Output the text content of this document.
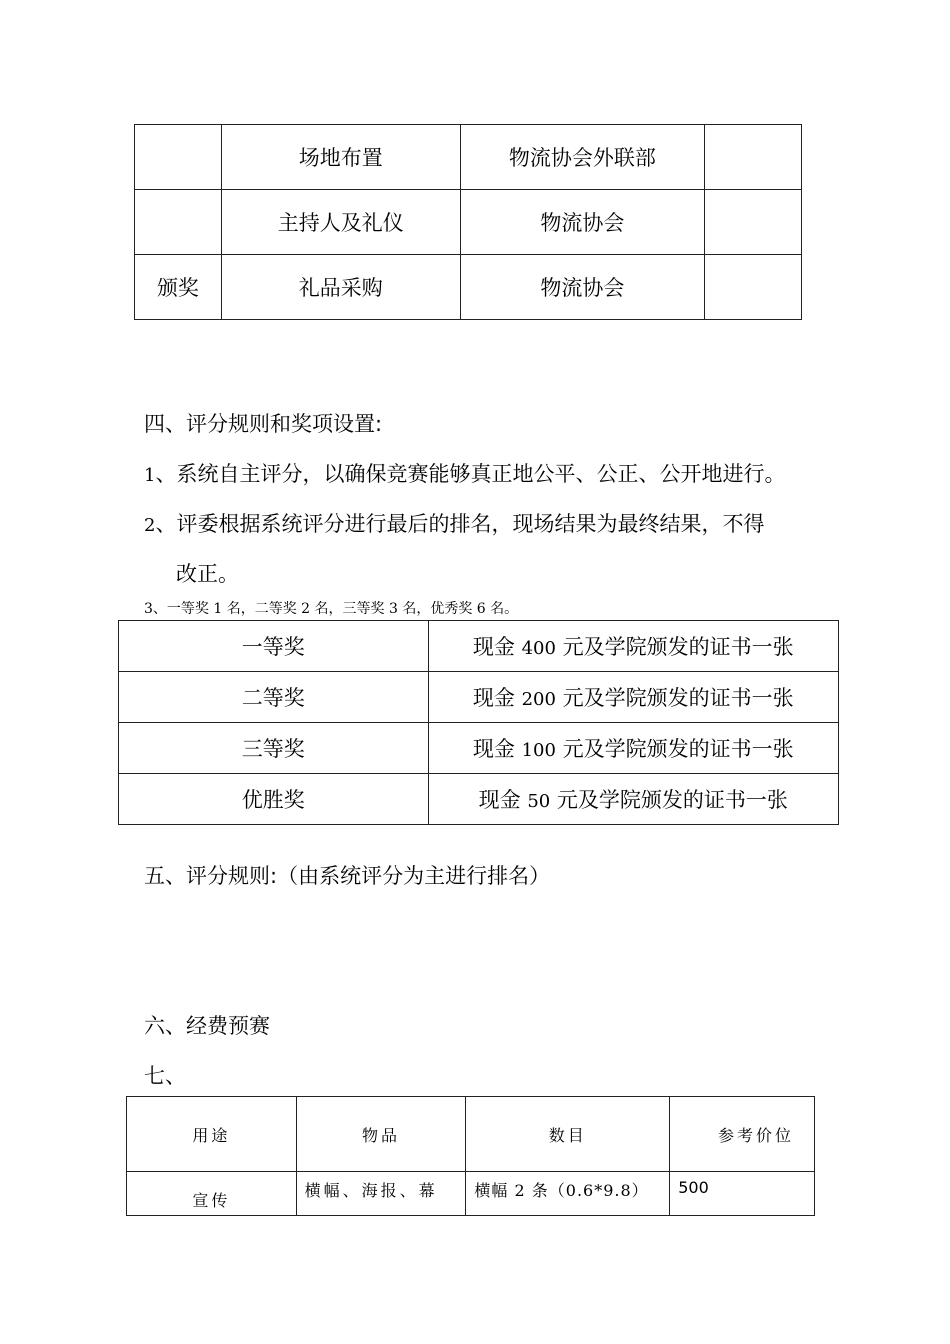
	场地布置	物流协会外联部	
	主持人及礼仪	物流协会	
颁奖	礼品采购	物流协会	
四、评分规则和奖项设置:
1、系统自主评分，以确保竞赛能够真正地公平、公正、公开地进行。
2、评委根据系统评分进行最后的排名，现场结果为最终结果，不得
改正。
3、一等奖 1 名，二等奖 2 名，三等奖 3 名，优秀奖 6 名。
一等奖	现金 400 元及学院颁发的证书一张
二等奖	现金 200 元及学院颁发的证书一张
三等奖	现金 100 元及学院颁发的证书一张
优胜奖	现金 50 元及学院颁发的证书一张
五、评分规则:（由系统评分为主进行排名）
六、经费预赛
七、
用途	物品	数目	参考价位
宣传	横幅、海报、幕	横幅 2 条（0.6*9.8）	500
